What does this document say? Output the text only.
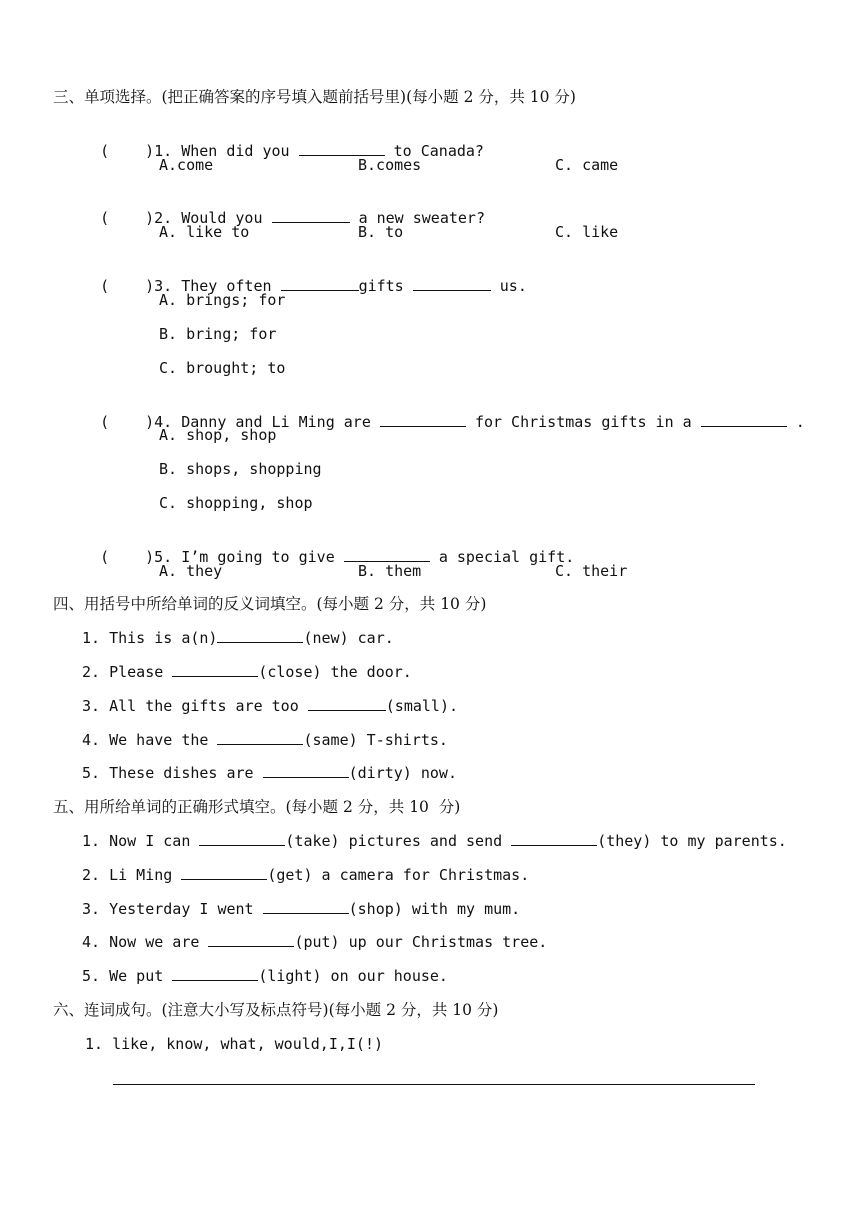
三、单项选择。(把正确答案的序号填入题前括号里)(每小题 2 分，共 10 分)

( )1. When did you	to Canada?

A.come	B.comes	C. came

( )2. Would you	a new sweater?

A. like to	B. to	C. like

( )3. They often	gifts	us.

A. brings; for
B. bring; for
C. brought; to

( )4. Danny and Li Ming are	for Christmas gifts in a	.

A. shop, shop
B. shops, shopping
C. shopping, shop

( )5. I’m going to give	a special gift.

A. they	B. them	C. their
四、用括号中所给单词的反义词填空。(每小题 2 分，共 10 分)
1. This is a(n)	(new) car.
2. Please	(close) the door.
3. All the gifts are too	(small).
4. We have the	(same) T-shirts.
5. These dishes are	(dirty) now.
五、用所给单词的正确形式填空。(每小题 2 分，共 10  分)
1. Now I can	(take) pictures and send	(they) to my parents.
2. Li Ming	(get) a camera for Christmas.
3. Yesterday I went	(shop) with my mum.
4. Now we are	(put) up our Christmas tree.
5. We put	(light) on our house.
六、连词成句。(注意大小写及标点符号)(每小题 2 分，共 10 分)
1. like, know, what, would,I,I(!)
